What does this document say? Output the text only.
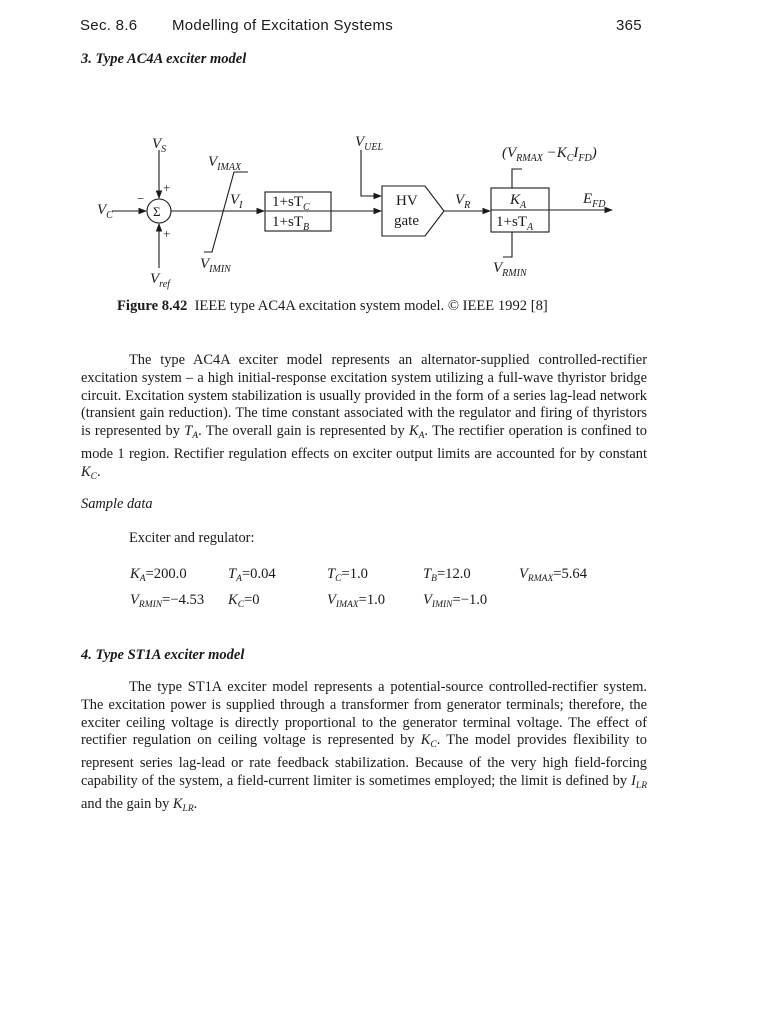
Sec. 8.6 Modelling of Excitation Systems	365
3. Type AC4A exciter model
$V_S$
$V_{IMAX}$
$V_C$	Σ
+
−
+
$V_I$
$V_{IMIN}$
$V_{ref}$
$1+sT_C$
$1+sT_B$
$V_{UEL}$
HV
gate
$V_R$	$K_A$
$1+sT_A$
$(V_{RMAX} -K_CI_{FD})$
$E_{FD}$
$V_{RMIN}$
Figure 8.42 IEEE type AC4A excitation system model. © IEEE 1992 [8]
The type AC4A exciter model represents an alternator-supplied controlled-rectifier excitation system – a high initial-response excitation system utilizing a full-wave thyristor bridge circuit. Excitation system stabilization is usually provided in the form of a series lag-lead network (transient gain reduction). The time constant associated with the regulator and firing of thyristors is represented by $T_A$. The overall gain is represented by $K_A$. The rectifier operation is confined to mode 1 region. Rectifier regulation effects on exciter output limits are accounted for by constant $K_C$.
Sample data
Exciter and regulator:
$K_A=200.0$	$T_A=0.04$	$T_C=1.0$	$T_B=12.0$	$V_{RMAX}=5.64$
$V_{RMIN}=-4.53$ $K_C=0$	$V_{IMAX}=1.0$	$V_{IMIN}=-1.0$
4. Type ST1A exciter model
The type ST1A exciter model represents a potential-source controlled-rectifier system. The excitation power is supplied through a transformer from generator terminals; therefore, the exciter ceiling voltage is directly proportional to the generator terminal voltage. The effect of rectifier regulation on ceiling voltage is represented by $K_C$. The model provides flexibility to represent series lag-lead or rate feedback stabilization. Because of the very high field-forcing capability of the system, a field-current limiter is sometimes employed; the limit is defined by $I_{LR}$ and the gain by $K_{LR}$.
